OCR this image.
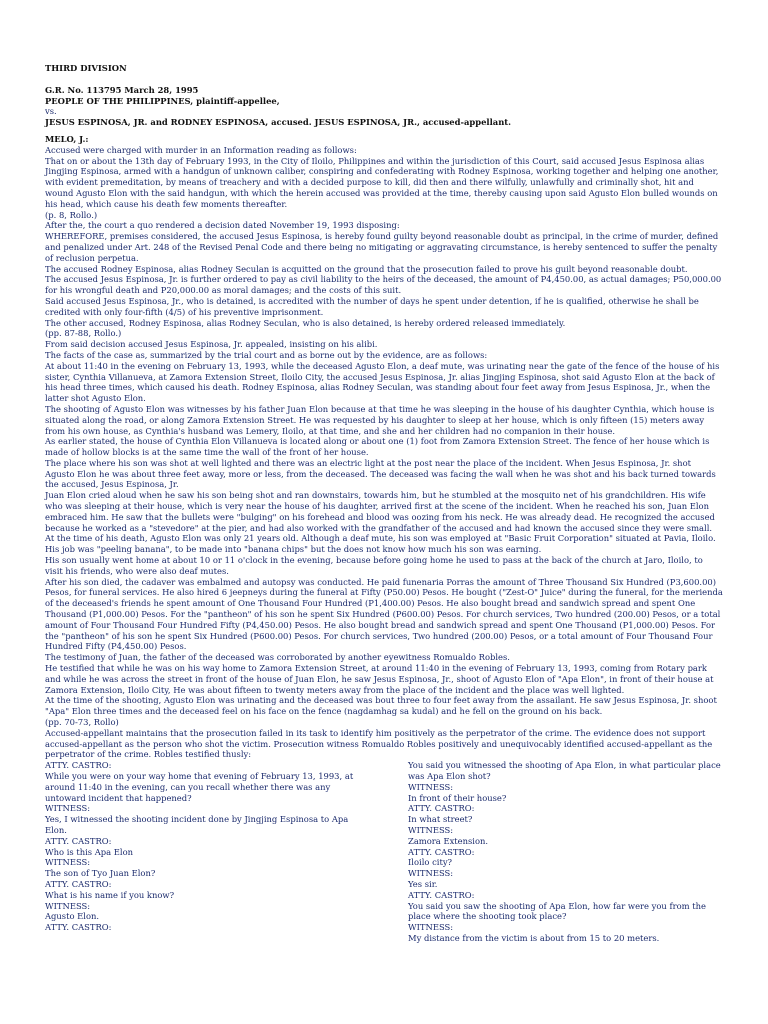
THIRD DIVISION

G.R. No. 113795 March 28, 1995

PEOPLE OF THE PHILIPPINES, plaintiff-appellee,

vs.

JESUS ESPINOSA, JR. and RODNEY ESPINOSA, accused. JESUS ESPINOSA, JR., accused-appellant.

MELO, J.:

Accused were charged with murder in an Information reading as follows:

That on or about the 13th day of February 1993, in the City of Iloilo, Philippines and within the jurisdiction of this Court, said accused Jesus Espinosa alias Jingjing Espinosa, armed with a handgun of unknown caliber, conspiring and confederating with Rodney Espinosa, working together and helping one another, with evident premeditation, by means of treachery and with a decided purpose to kill, did then and there wilfully, unlawfully and criminally shot, hit and wound Agusto Elon with the said handgun, with which the herein accused was provided at the time, thereby causing upon said Agusto Elon bulled wounds on his head, which cause his death few moments thereafter.

(p. 8, Rollo.)

After the, the court a quo rendered a decision dated November 19, 1993 disposing:

WHEREFORE, premises considered, the accused Jesus Espinosa, is hereby found guilty beyond reasonable doubt as principal, in the crime of murder, defined and penalized under Art. 248 of the Revised Penal Code and there being no mitigating or aggravating circumstance, is hereby sentenced to suffer the penalty of reclusion perpetua.

The accused Rodney Espinosa, alias Rodney Seculan is acquitted on the ground that the prosecution failed to prove his guilt beyond reasonable doubt.

The accused Jesus Espinosa, Jr. is further ordered to pay as civil liability to the heirs of the deceased, the amount of P4,450.00, as actual damages; P50,000.00 for his wrongful death and P20,000.00 as moral damages; and the costs of this suit.

Said accused Jesus Espinosa, Jr., who is detained, is accredited with the number of days he spent under detention, if he is qualified, otherwise he shall be credited with only four-fifth (4/5) of his preventive imprisonment.

The other accused, Rodney Espinosa, alias Rodney Seculan, who is also detained, is hereby ordered released immediately.

(pp. 87-88, Rollo.)

From said decision accused Jesus Espinosa, Jr. appealed, insisting on his alibi.

The facts of the case as, summarized by the trial court and as borne out by the evidence, are as follows:

At about 11:40 in the evening on February 13, 1993, while the deceased Agusto Elon, a deaf mute, was urinating near the gate of the fence of the house of his sister, Cynthia Villanueva, at Zamora Extension Street, Iloilo City, the accused Jesus Espinosa, Jr. alias Jingjing Espinosa, shot said Agusto Elon at the back of his head three times, which caused his death. Rodney Espinosa, alias Rodney Seculan, was standing about four feet away from Jesus Espinosa, Jr., when the latter shot Agusto Elon.

The shooting of Agusto Elon was witnesses by his father Juan Elon because at that time he was sleeping in the house of his daughter Cynthia, which house is situated along the road, or along Zamora Extension Street. He was requested by his daughter to sleep at her house, which is only fifteen (15) meters away from his own house, as Cynthia's husband was Lemery, Iloilo, at that time, and she and her children had no companion in their house.

As earlier stated, the house of Cynthia Elon Villanueva is located along or about one (1) foot from Zamora Extension Street. The fence of her house which is made of hollow blocks is at the same time the wall of the front of her house.

The place where his son was shot at well lighted and there was an electric light at the post near the place of the incident. When Jesus Espinosa, Jr. shot Agusto Elon he was about three feet away, more or less, from the deceased. The deceased was facing the wall when he was shot and his back turned towards the accused, Jesus Espinosa, Jr.

Juan Elon cried aloud when he saw his son being shot and ran downstairs, towards him, but he stumbled at the mosquito net of his grandchildren. His wife who was sleeping at their house, which is very near the house of his daughter, arrived first at the scene of the incident. When he reached his son, Juan Elon embraced him. He saw that the bullets were "bulging" on his forehead and blood was oozing from his neck. He was already dead. He recognized the accused because he worked as a "stevedore" at the pier, and had also worked with the grandfather of the accused and had known the accused since they were small.

At the time of his death, Agusto Elon was only 21 years old. Although a deaf mute, his son was employed at "Basic Fruit Corporation" situated at Pavia, Iloilo. His job was "peeling banana", to be made into "banana chips" but the does not know how much his son was earning.

His son usually went home at about 10 or 11 o'clock in the evening, because before going home he used to pass at the back of the church at Jaro, Iloilo, to visit his friends, who were also deaf mutes.

After his son died, the cadaver was embalmed and autopsy was conducted. He paid funenaria Porras the amount of Three Thousand Six Hundred (P3,600.00) Pesos, for funeral services. He also hired 6 jeepneys during the funeral at Fifty (P50.00) Pesos. He bought ("Zest-O" Juice" during the funeral, for the merienda of the deceased's friends he spent amount of One Thousand Four Hundred (P1,400.00) Pesos. He also bought bread and sandwich spread and spent One Thousand (P1,000.00) Pesos. For the "pantheon" of his son he spent Six Hundred (P600.00) Pesos. For church services, Two hundred (200.00) Pesos, or a total amount of Four Thousand Four Hundred Fifty (P4,450.00) Pesos. He also bought bread and sandwich spread and spent One Thousand (P1,000.00) Pesos. For the "pantheon" of his son he spent Six Hundred (P600.00) Pesos. For church services, Two hundred (200.00) Pesos, or a total amount of Four Thousand Four Hundred Fifty (P4,450.00) Pesos.

The testimony of Juan, the father of the deceased was corroborated by another eyewitness Romualdo Robles.

He testified that while he was on his way home to Zamora Extension Street, at around 11:40 in the evening of February 13, 1993, coming from Rotary park and while he was across the street in front of the house of Juan Elon, he saw Jesus Espinosa, Jr., shoot of Agusto Elon of "Apa Elon", in front of their house at Zamora Extension, Iloilo City, He was about fifteen to twenty meters away from the place of the incident and the place was well lighted.

At the time of the shooting, Agusto Elon was urinating and the deceased was bout three to four feet away from the assailant. He saw Jesus Espinosa, Jr. shoot "Apa" Elon three times and the deceased feel on his face on the fence (nagdamhag sa kudal) and he fell on the ground on his back.

(pp. 70-73, Rollo)

Accused-appellant maintains that the prosecution failed in its task to identify him positively as the perpetrator of the crime. The evidence does not support accused-appellant as the person who shot the victim. Prosecution witness Romualdo Robles positively and unequivocably identified accused-appellant as the perpetrator of the crime. Robles testified thusly:

ATTY. CASTRO:

While you were on your way home that evening of February 13, 1993, at around 11:40 in the evening, can you recall whether there was any untoward incident that happened?

WITNESS:

Yes, I witnessed the shooting incident done by Jingjing Espinosa to Apa Elon.

ATTY. CASTRO:

Who is this Apa Elon

WITNESS:

The son of Tyo Juan Elon?

ATTY. CASTRO:

What is his name if you know?

WITNESS:

Agusto Elon.

ATTY. CASTRO:

You said you witnessed the shooting of Apa Elon, in what particular place was Apa Elon shot?

WITNESS:

In front of their house?

ATTY. CASTRO:

In what street?

WITNESS:

Zamora Extension.

ATTY. CASTRO:

Iloilo city?

WITNESS:

Yes sir.

ATTY. CASTRO:

You said you saw the shooting of Apa Elon, how far were you from the place where the shooting took place?

WITNESS:

My distance from the victim is about from 15 to 20 meters.
